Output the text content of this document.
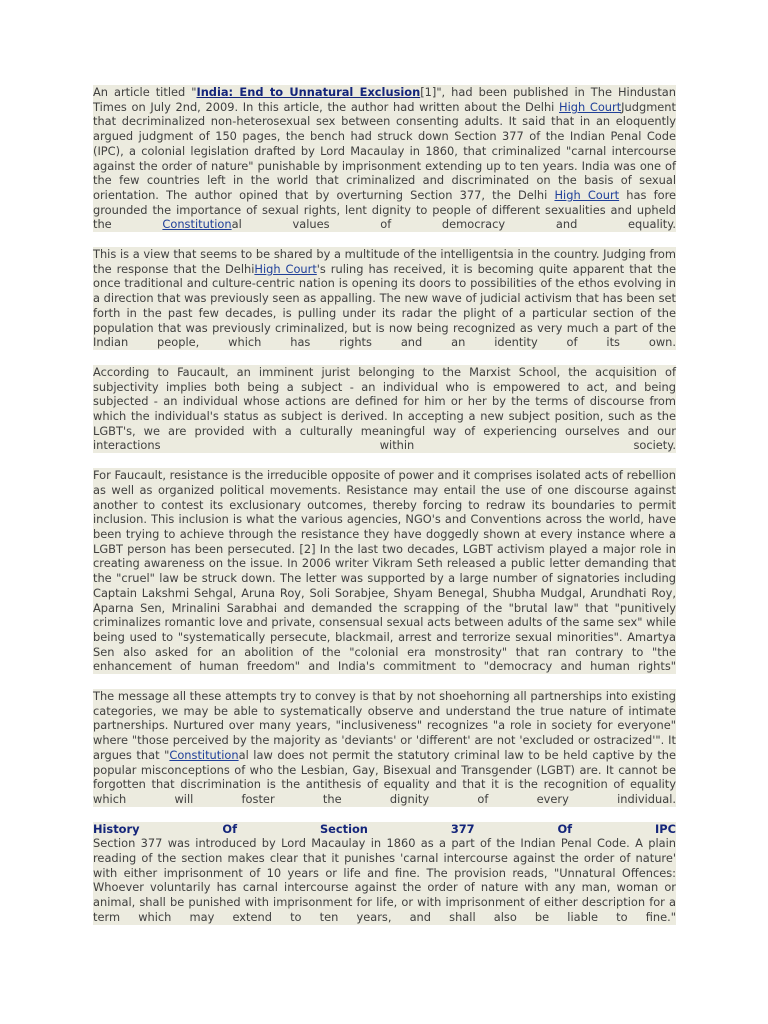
An article titled "India: End to Unnatural Exclusion[1]", had been published in The Hindustan Times on July 2nd, 2009. In this article, the author had written about the Delhi High CourtJudgment that decriminalized non-heterosexual sex between consenting adults. It said that in an eloquently argued judgment of 150 pages, the bench had struck down Section 377 of the Indian Penal Code (IPC), a colonial legislation drafted by Lord Macaulay in 1860, that criminalized "carnal intercourse against the order of nature" punishable by imprisonment extending up to ten years. India was one of the few countries left in the world that criminalized and discriminated on the basis of sexual orientation. The author opined that by overturning Section 377, the Delhi High Court has fore grounded the importance of sexual rights, lent dignity to people of different sexualities and upheld the Constitutional values of democracy and equality.
This is a view that seems to be shared by a multitude of the intelligentsia in the country. Judging from the response that the DelhiHigh Court's ruling has received, it is becoming quite apparent that the once traditional and culture-centric nation is opening its doors to possibilities of the ethos evolving in a direction that was previously seen as appalling. The new wave of judicial activism that has been set forth in the past few decades, is pulling under its radar the plight of a particular section of the population that was previously criminalized, but is now being recognized as very much a part of the Indian people, which has rights and an identity of its own.
According to Faucault, an imminent jurist belonging to the Marxist School, the acquisition of subjectivity implies both being a subject - an individual who is empowered to act, and being subjected - an individual whose actions are defined for him or her by the terms of discourse from which the individual's status as subject is derived. In accepting a new subject position, such as the LGBT's, we are provided with a culturally meaningful way of experiencing ourselves and our interactions within society.
For Faucault, resistance is the irreducible opposite of power and it comprises isolated acts of rebellion as well as organized political movements. Resistance may entail the use of one discourse against another to contest its exclusionary outcomes, thereby forcing to redraw its boundaries to permit inclusion. This inclusion is what the various agencies, NGO's and Conventions across the world, have been trying to achieve through the resistance they have doggedly shown at every instance where a LGBT person has been persecuted. [2] In the last two decades, LGBT activism played a major role in creating awareness on the issue. In 2006 writer Vikram Seth released a public letter demanding that the "cruel" law be struck down. The letter was supported by a large number of signatories including Captain Lakshmi Sehgal, Aruna Roy, Soli Sorabjee, Shyam Benegal, Shubha Mudgal, Arundhati Roy, Aparna Sen, Mrinalini Sarabhai and demanded the scrapping of the "brutal law" that "punitively criminalizes romantic love and private, consensual sexual acts between adults of the same sex" while being used to "systematically persecute, blackmail, arrest and terrorize sexual minorities". Amartya Sen also asked for an abolition of the "colonial era monstrosity" that ran contrary to "the enhancement of human freedom" and India's commitment to "democracy and human rights"
The message all these attempts try to convey is that by not shoehorning all partnerships into existing categories, we may be able to systematically observe and understand the true nature of intimate partnerships. Nurtured over many years, "inclusiveness" recognizes "a role in society for everyone" where "those perceived by the majority as 'deviants' or 'different' are not 'excluded or ostracized'". It argues that "Constitutional law does not permit the statutory criminal law to be held captive by the popular misconceptions of who the Lesbian, Gay, Bisexual and Transgender (LGBT) are. It cannot be forgotten that discrimination is the antithesis of equality and that it is the recognition of equality which will foster the dignity of every individual.
History	Of	Section	377	Of	IPC
Section 377 was introduced by Lord Macaulay in 1860 as a part of the Indian Penal Code. A plain reading of the section makes clear that it punishes 'carnal intercourse against the order of nature' with either imprisonment of 10 years or life and fine. The provision reads, "Unnatural Offences: Whoever voluntarily has carnal intercourse against the order of nature with any man, woman or animal, shall be punished with imprisonment for life, or with imprisonment of either description for a term which may extend to ten years, and shall also be liable to fine."
